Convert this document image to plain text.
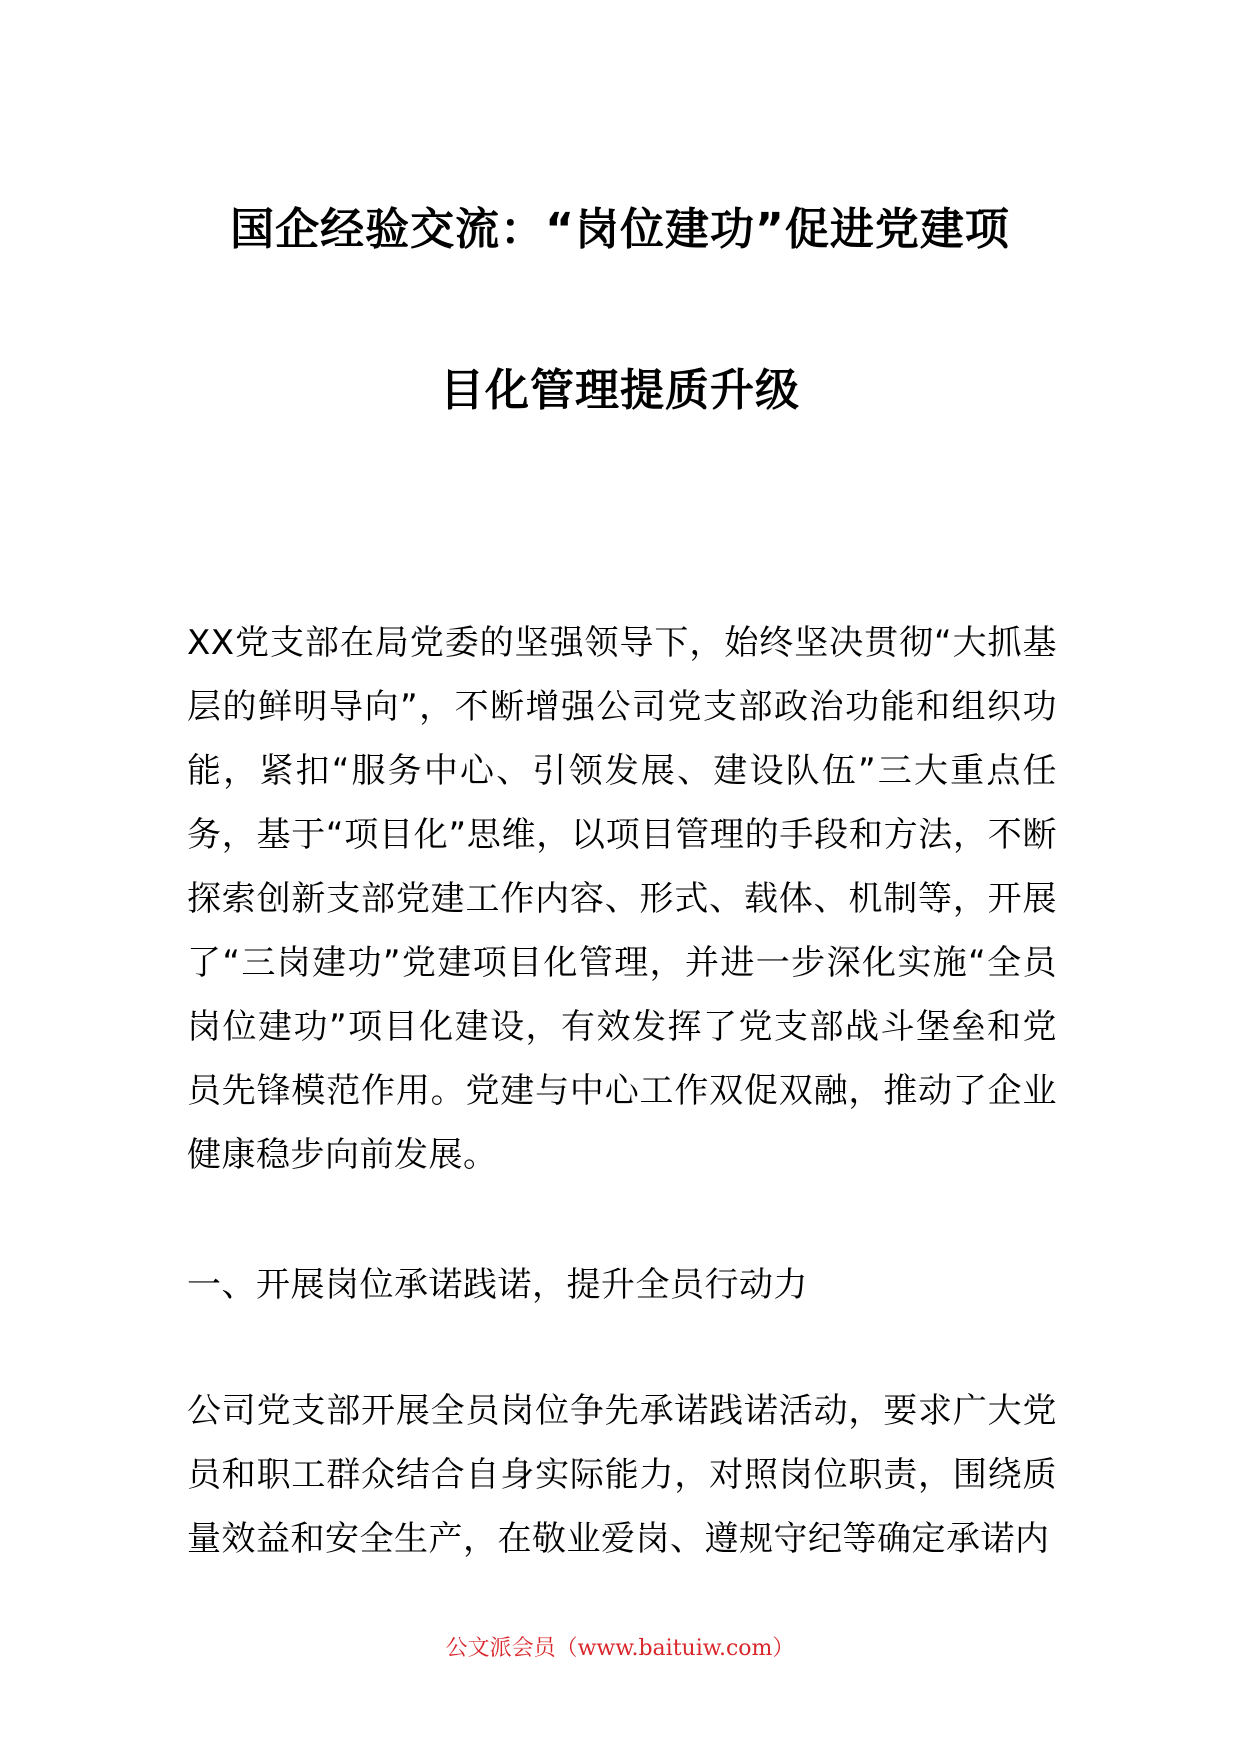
国企经验交流：“岗位建功”促进党建项
目化管理提质升级
XX党支部在局党委的坚强领导下，始终坚决贯彻“大抓基层的鲜明导向”，不断增强公司党支部政治功能和组织功能，紧扣“服务中心、引领发展、建设队伍”三大重点任务，基于“项目化”思维，以项目管理的手段和方法，不断探索创新支部党建工作内容、形式、载体、机制等，开展了“三岗建功”党建项目化管理，并进一步深化实施“全员岗位建功”项目化建设，有效发挥了党支部战斗堡垒和党员先锋模范作用。党建与中心工作双促双融，推动了企业健康稳步向前发展。
一、开展岗位承诺践诺，提升全员行动力
公司党支部开展全员岗位争先承诺践诺活动，要求广大党员和职工群众结合自身实际能力，对照岗位职责，围绕质量效益和安全生产，在敬业爱岗、遵规守纪等确定承诺内
公文派会员（www.baituiw.com）
